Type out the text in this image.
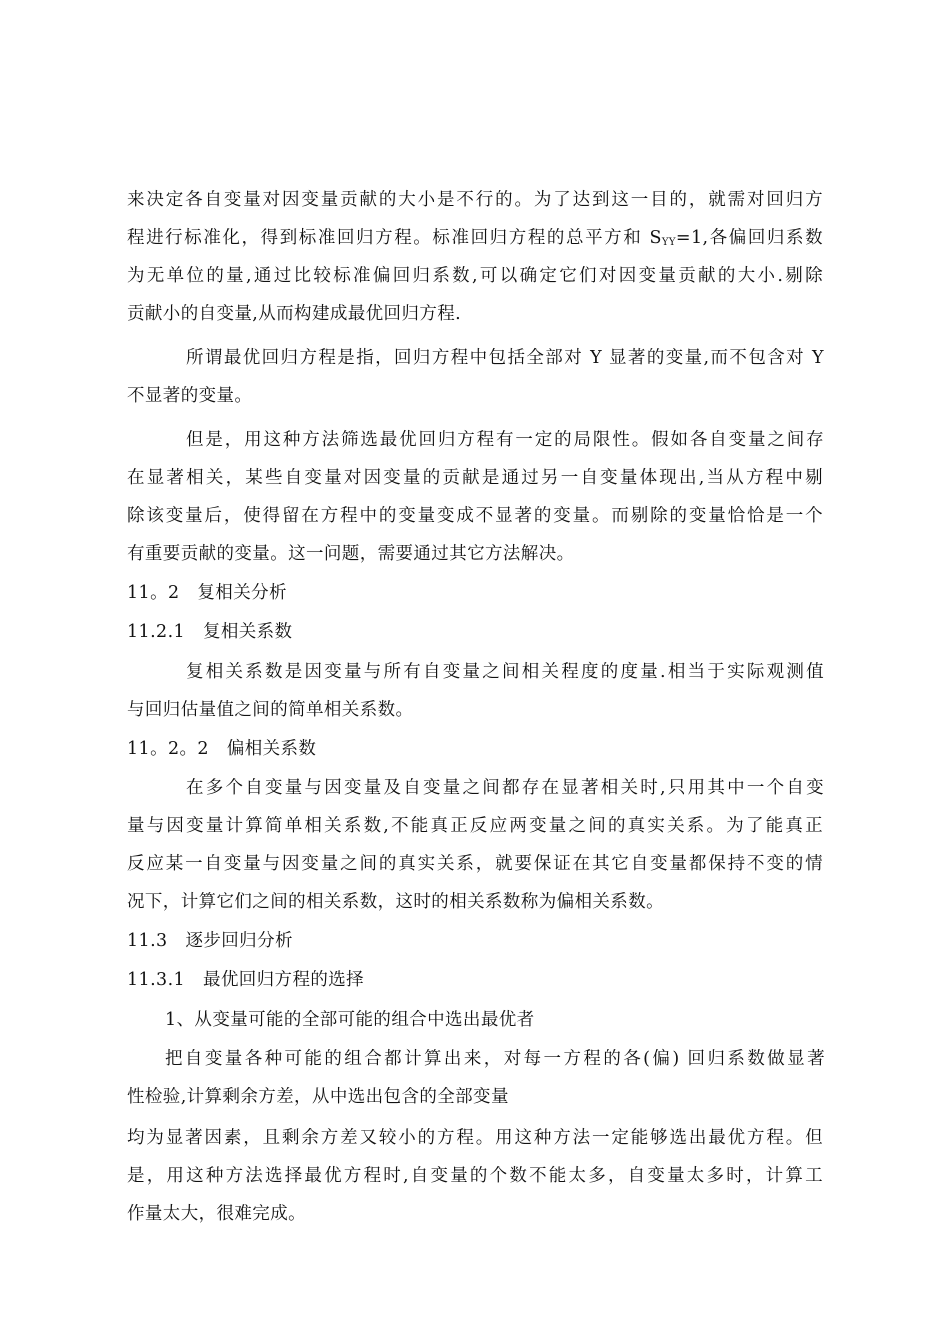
来决定各自变量对因变量贡献的大小是不行的。为了达到这一目的，就需对回归方
程进行标准化，得到标准回归方程。标准回归方程的总平方和 $S_{YY}=1$,各偏回归系数
为无单位的量,通过比较标准偏回归系数,可以确定它们对因变量贡献的大小.剔除
贡献小的自变量,从而构建成最优回归方程.
所谓最优回归方程是指，回归方程中包括全部对 Y 显著的变量,而不包含对 Y
不显著的变量。
但是，用这种方法筛选最优回归方程有一定的局限性。假如各自变量之间存
在显著相关，某些自变量对因变量的贡献是通过另一自变量体现出,当从方程中剔
除该变量后，使得留在方程中的变量变成不显著的变量。而剔除的变量恰恰是一个
有重要贡献的变量。这一问题，需要通过其它方法解决。
11。2　复相关分析
11.2.1　复相关系数
复相关系数是因变量与所有自变量之间相关程度的度量.相当于实际观测值
与回归估量值之间的简单相关系数。
11。2。2　偏相关系数
在多个自变量与因变量及自变量之间都存在显著相关时,只用其中一个自变
量与因变量计算简单相关系数,不能真正反应两变量之间的真实关系。为了能真正
反应某一自变量与因变量之间的真实关系，就要保证在其它自变量都保持不变的情
况下，计算它们之间的相关系数，这时的相关系数称为偏相关系数。
11.3　逐步回归分析
11.3.1　最优回归方程的选择
1、从变量可能的全部可能的组合中选出最优者
把自变量各种可能的组合都计算出来，对每一方程的各(偏) 回归系数做显著
性检验,计算剩余方差，从中选出包含的全部变量
均为显著因素，且剩余方差又较小的方程。用这种方法一定能够选出最优方程。但
是，用这种方法选择最优方程时,自变量的个数不能太多，自变量太多时，计算工
作量太大，很难完成。
